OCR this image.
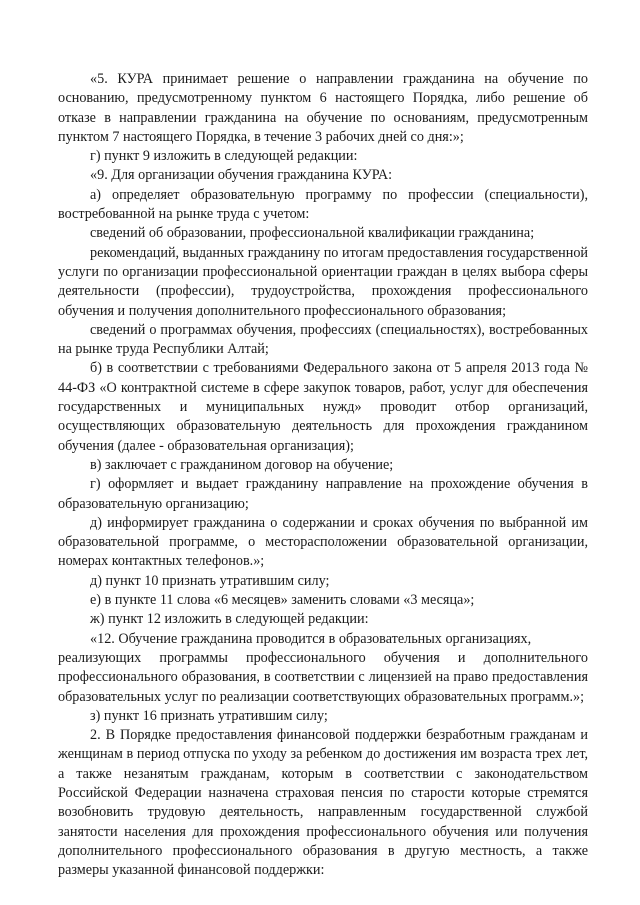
«5. КУРА принимает решение о направлении гражданина на обучение по основанию, предусмотренному пунктом 6 настоящего Порядка, либо решение об отказе в направлении гражданина на обучение по основаниям, предусмотренным пунктом 7 настоящего Порядка, в течение 3 рабочих дней со дня:»;

г) пункт 9 изложить в следующей редакции:

«9. Для организации обучения гражданина КУРА:

а) определяет образовательную программу по профессии (специальности), востребованной на рынке труда с учетом:

сведений об образовании, профессиональной квалификации гражданина;

рекомендаций, выданных гражданину по итогам предоставления государственной услуги по организации профессиональной ориентации граждан в целях выбора сферы деятельности (профессии), трудоустройства, прохождения профессионального обучения и получения дополнительного профессионального образования;

сведений о программах обучения, профессиях (специальностях), востребованных на рынке труда Республики Алтай;

б) в соответствии с требованиями Федерального закона от 5 апреля 2013 года № 44-ФЗ «О контрактной системе в сфере закупок товаров, работ, услуг для обеспечения государственных и муниципальных нужд» проводит отбор организаций, осуществляющих образовательную деятельность для прохождения гражданином обучения (далее - образовательная организация);

в) заключает с гражданином договор на обучение;

г) оформляет и выдает гражданину направление на прохождение обучения в образовательную организацию;

д) информирует гражданина о содержании и сроках обучения по выбранной им образовательной программе, о месторасположении образовательной организации, номерах контактных телефонов.»;

д) пункт 10 признать утратившим силу;

е) в пункте 11 слова «6 месяцев» заменить словами «3 месяца»;

ж) пункт 12 изложить в следующей редакции:

«12. Обучение гражданина проводится в образовательных организациях,

реализующих программы профессионального обучения и дополнительного профессионального образования, в соответствии с лицензией на право предоставления образовательных услуг по реализации соответствующих образовательных программ.»;

з) пункт 16 признать утратившим силу;

2. В Порядке предоставления финансовой поддержки безработным гражданам и женщинам в период отпуска по уходу за ребенком до достижения им возраста трех лет, а также незанятым гражданам, которым в соответствии с законодательством Российской Федерации назначена страховая пенсия по старости которые стремятся возобновить трудовую деятельность, направленным государственной службой занятости населения для прохождения профессионального обучения или получения дополнительного профессионального образования в другую местность, а также размеры указанной финансовой поддержки:
